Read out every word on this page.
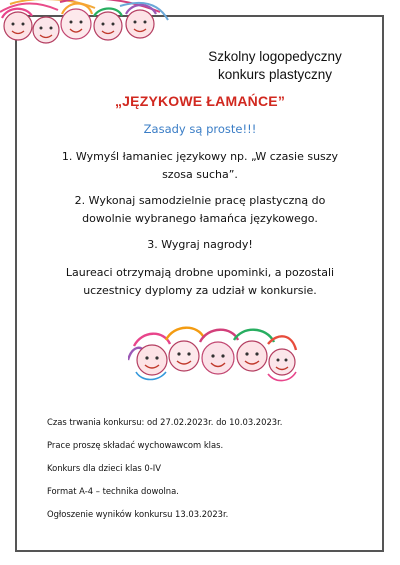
Szkolny logopedyczny
konkurs plastyczny
„JĘZYKOWE ŁAMAŃCE”
Zasady są proste!!!
1. Wymyśl łamaniec językowy np. „W czasie suszy
szosa sucha”.
2. Wykonaj samodzielnie pracę plastyczną do
dowolnie wybranego łamańca językowego.
3. Wygraj nagrody!
Laureaci otrzymają drobne upominki, a pozostali
uczestnicy dyplomy za udział w konkursie.
Czas trwania konkursu: od 27.02.2023r. do 10.03.2023r.
Prace proszę składać wychowawcom klas.
Konkurs dla dzieci klas 0-IV
Format A-4 – technika dowolna.
Ogłoszenie wyników konkursu 13.03.2023r.
